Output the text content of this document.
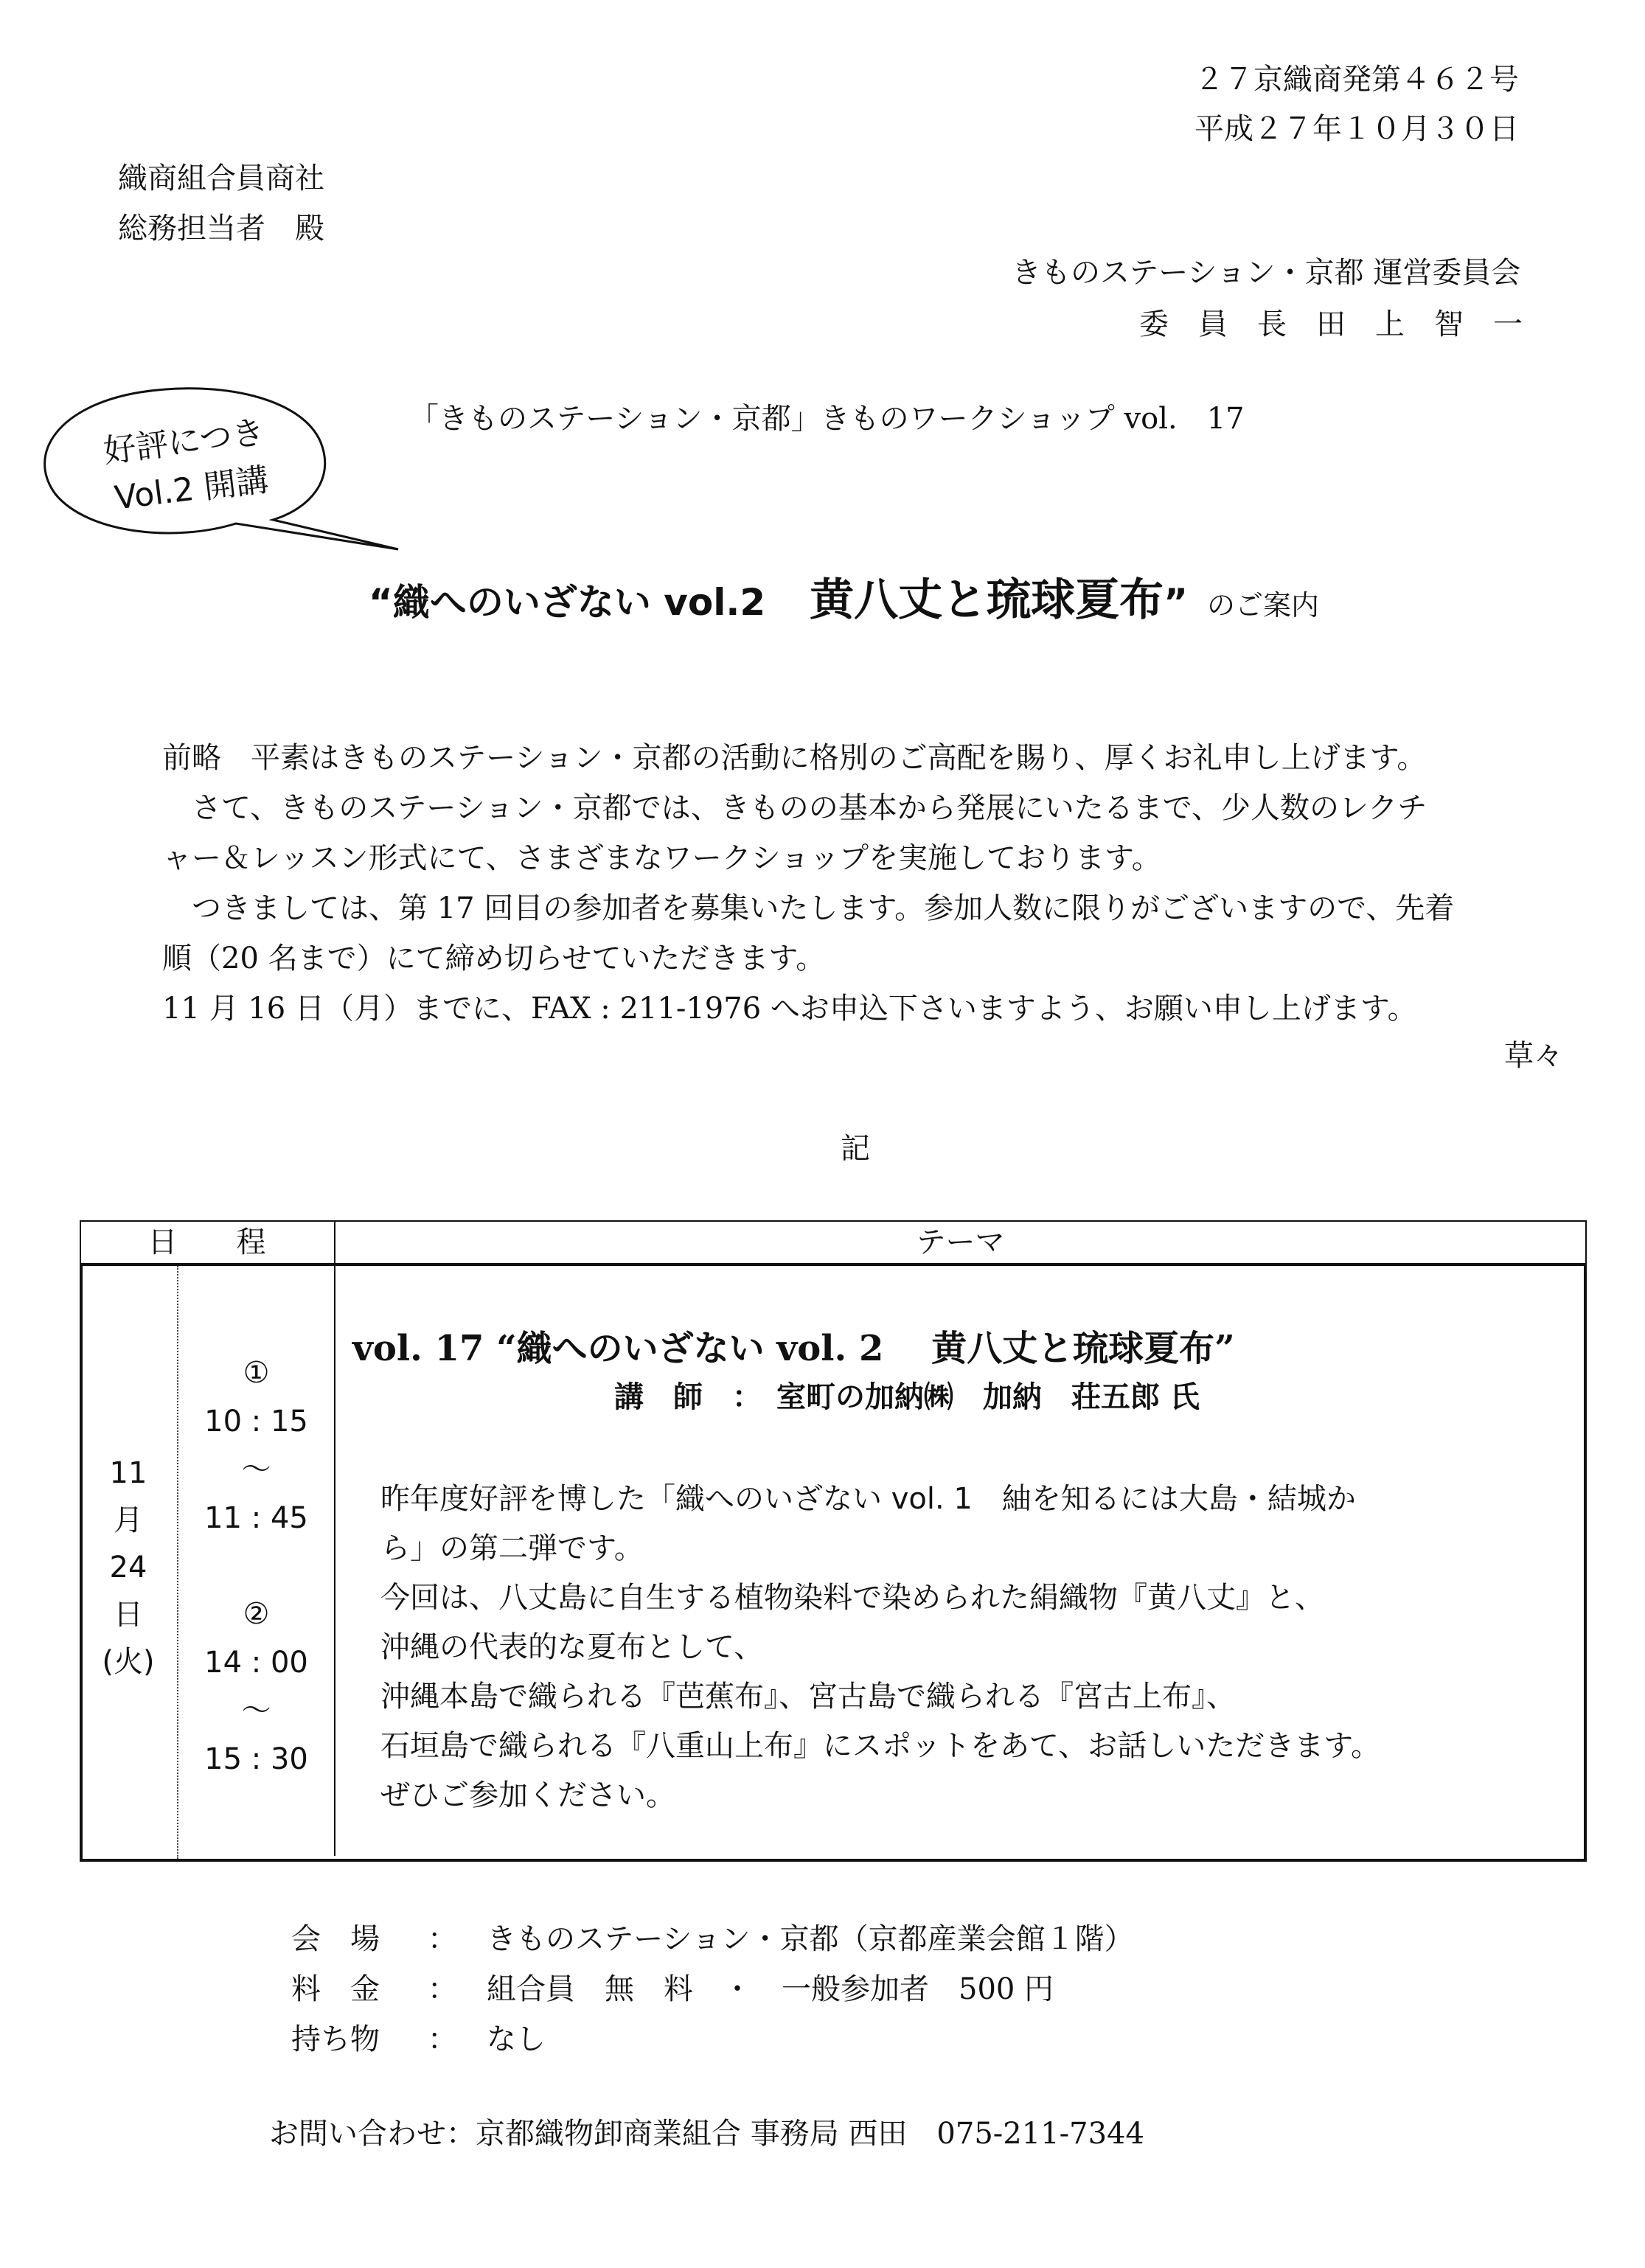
２７京織商発第４６２号
平成２７年１０月３０日
織商組合員商社
総務担当者　殿
きものステーション・京都 運営委員会
委　員　長　田　上　智　一
好評につき
Vol.2 開講
「きものステーション・京都」きものワークショップ vol.　17
“ 織へのいざない vol.2 黄八丈と琉球夏布 ” のご案内
前略　平素はきものステーション・京都の活動に格別のご高配を賜り、厚くお礼申し上げます。
　さて、きものステーション・京都では、きものの基本から発展にいたるまで、少人数のレクチ
ャー＆レッスン形式にて、さまざまなワークショップを実施しております。
　つきましては、第 17 回目の参加者を募集いたします。参加人数に限りがございますので、先着
順（20 名まで）にて締め切らせていただきます。
11 月 16 日（月）までに、FAX : 211-1976 へお申込下さいますよう、お願い申し上げます。
草々
記
日　　程	テーマ
11
月
24
日
(火)
①
10 : 15
～
11 : 45
②
14 : 00
～
15 : 30
vol. 17 “織へのいざない vol. 2　 黄八丈と琉球夏布”
講　師　：　室町の加納㈱　加納　荘五郎 氏
昨年度好評を博した「織へのいざない vol. 1　紬を知るには大島・結城か
ら」の第二弾です。
今回は、八丈島に自生する植物染料で染められた絹織物『黄八丈』と、
沖縄の代表的な夏布として、
沖縄本島で織られる『芭蕉布』、宮古島で織られる『宮古上布』、
石垣島で織られる『八重山上布』にスポットをあて、お話しいただきます。
ぜひご参加ください。
会　場 ： きものステーション・京都（京都産業会館１階）
料　金 ： 組合員　無　料　・　一般参加者　500 円
持ち物 ： なし
お問い合わせ：京都織物卸商業組合 事務局 西田　075-211-7344
